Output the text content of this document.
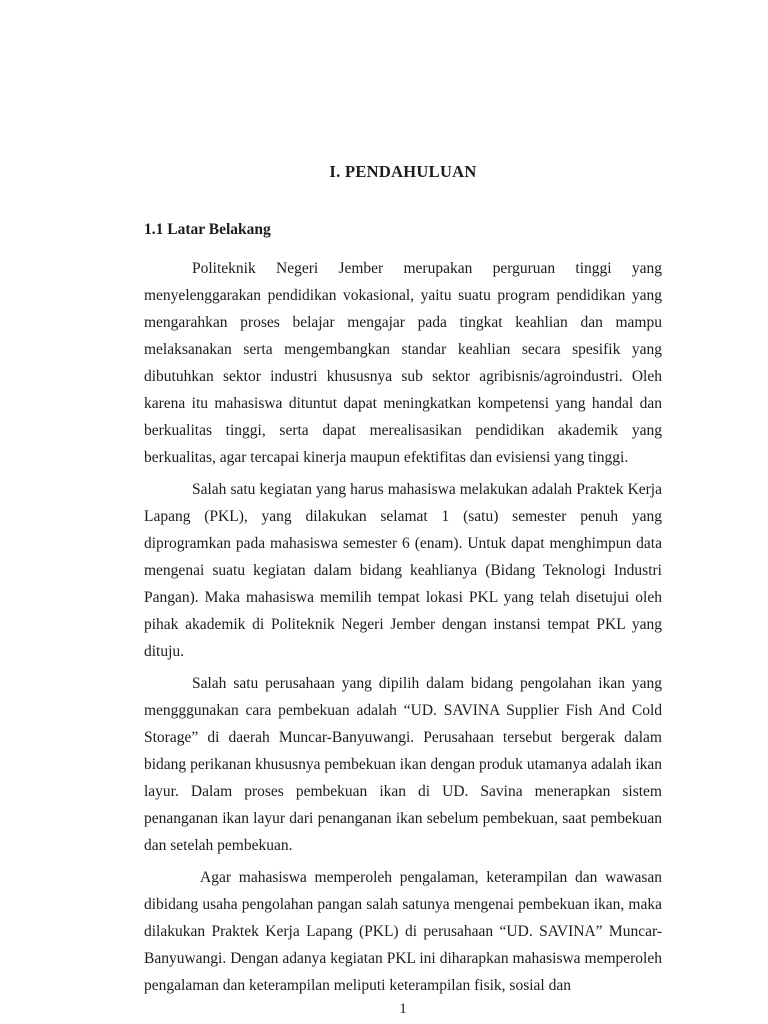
I. PENDAHULUAN
1.1 Latar Belakang

Politeknik Negeri Jember merupakan perguruan tinggi yang menyelenggarakan pendidikan vokasional, yaitu suatu program pendidikan yang mengarahkan proses belajar mengajar pada tingkat keahlian dan mampu melaksanakan serta mengembangkan standar keahlian secara spesifik yang dibutuhkan sektor industri khususnya sub sektor agribisnis/agroindustri. Oleh karena itu mahasiswa dituntut dapat meningkatkan kompetensi yang handal dan berkualitas tinggi, serta dapat merealisasikan pendidikan akademik yang berkualitas, agar tercapai kinerja maupun efektifitas dan evisiensi yang tinggi.

Salah satu kegiatan yang harus mahasiswa melakukan adalah Praktek Kerja Lapang (PKL), yang dilakukan selamat 1 (satu) semester penuh yang diprogramkan pada mahasiswa semester 6 (enam). Untuk dapat menghimpun data mengenai suatu kegiatan dalam bidang keahlianya (Bidang Teknologi Industri Pangan). Maka mahasiswa memilih tempat lokasi PKL yang telah disetujui oleh pihak akademik di Politeknik Negeri Jember dengan instansi tempat PKL yang dituju.

Salah satu perusahaan yang dipilih dalam bidang pengolahan ikan yang mengggunakan cara pembekuan adalah “UD. SAVINA Supplier Fish And Cold Storage” di daerah Muncar-Banyuwangi. Perusahaan tersebut bergerak dalam bidang perikanan khususnya pembekuan ikan dengan produk utamanya adalah ikan layur. Dalam proses pembekuan ikan di UD. Savina menerapkan sistem penanganan ikan layur dari penanganan ikan sebelum pembekuan, saat pembekuan dan setelah pembekuan.

Agar mahasiswa memperoleh pengalaman, keterampilan dan wawasan dibidang usaha pengolahan pangan salah satunya mengenai pembekuan ikan, maka dilakukan Praktek Kerja Lapang (PKL) di perusahaan “UD. SAVINA” Muncar-Banyuwangi. Dengan adanya kegiatan PKL ini diharapkan mahasiswa memperoleh pengalaman dan keterampilan meliputi keterampilan fisik, sosial dan

1
